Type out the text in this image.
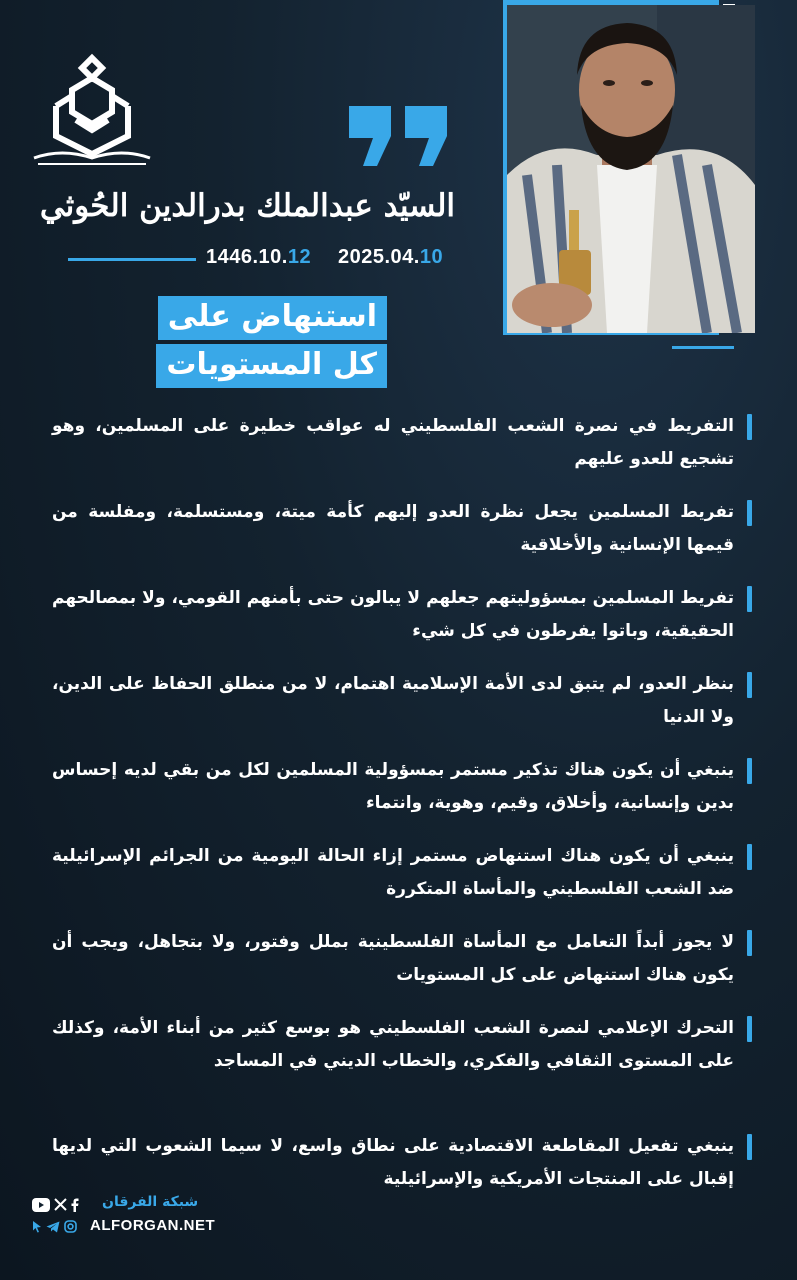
السيّد عبدالملك بدرالدين الحُوثي
1446.10.12 2025.04.10
استنهاض على
كل المستويات

التفريط في نصرة الشعب الفلسطيني له عواقب خطيرة على المسلمين، وهو تشجيع للعدو عليهم

تفريط المسلمين يجعل نظرة العدو إليهم كأمة ميتة، ومستسلمة، ومفلسة من قيمها الإنسانية والأخلاقية

تفريط المسلمين بمسؤوليتهم جعلهم لا يبالون حتى بأمنهم القومي، ولا بمصالحهم الحقيقية، وباتوا يفرطون في كل شيء

بنظر العدو، لم يتبق لدى الأمة الإسلامية اهتمام، لا من منطلق الحفاظ على الدين، ولا الدنيا

ينبغي أن يكون هناك تذكير مستمر بمسؤولية المسلمين لكل من بقي لديه إحساس بدين وإنسانية، وأخلاق، وقيم، وهوية، وانتماء

ينبغي أن يكون هناك استنهاض مستمر إزاء الحالة اليومية من الجرائم الإسرائيلية ضد الشعب الفلسطيني والمأساة المتكررة

لا يجوز أبداً التعامل مع المأساة الفلسطينية بملل وفتور، ولا بتجاهل، ويجب أن يكون هناك استنهاض على كل المستويات

التحرك الإعلامي لنصرة الشعب الفلسطيني هو بوسع كثير من أبناء الأمة، وكذلك على المستوى الثقافي والفكري، والخطاب الديني في المساجد

ينبغي تفعيل المقاطعة الاقتصادية على نطاق واسع، لا سيما الشعوب التي لديها إقبال على المنتجات الأمريكية والإسرائيلية

شبكة الفرقان
ALFORGAN.NET
